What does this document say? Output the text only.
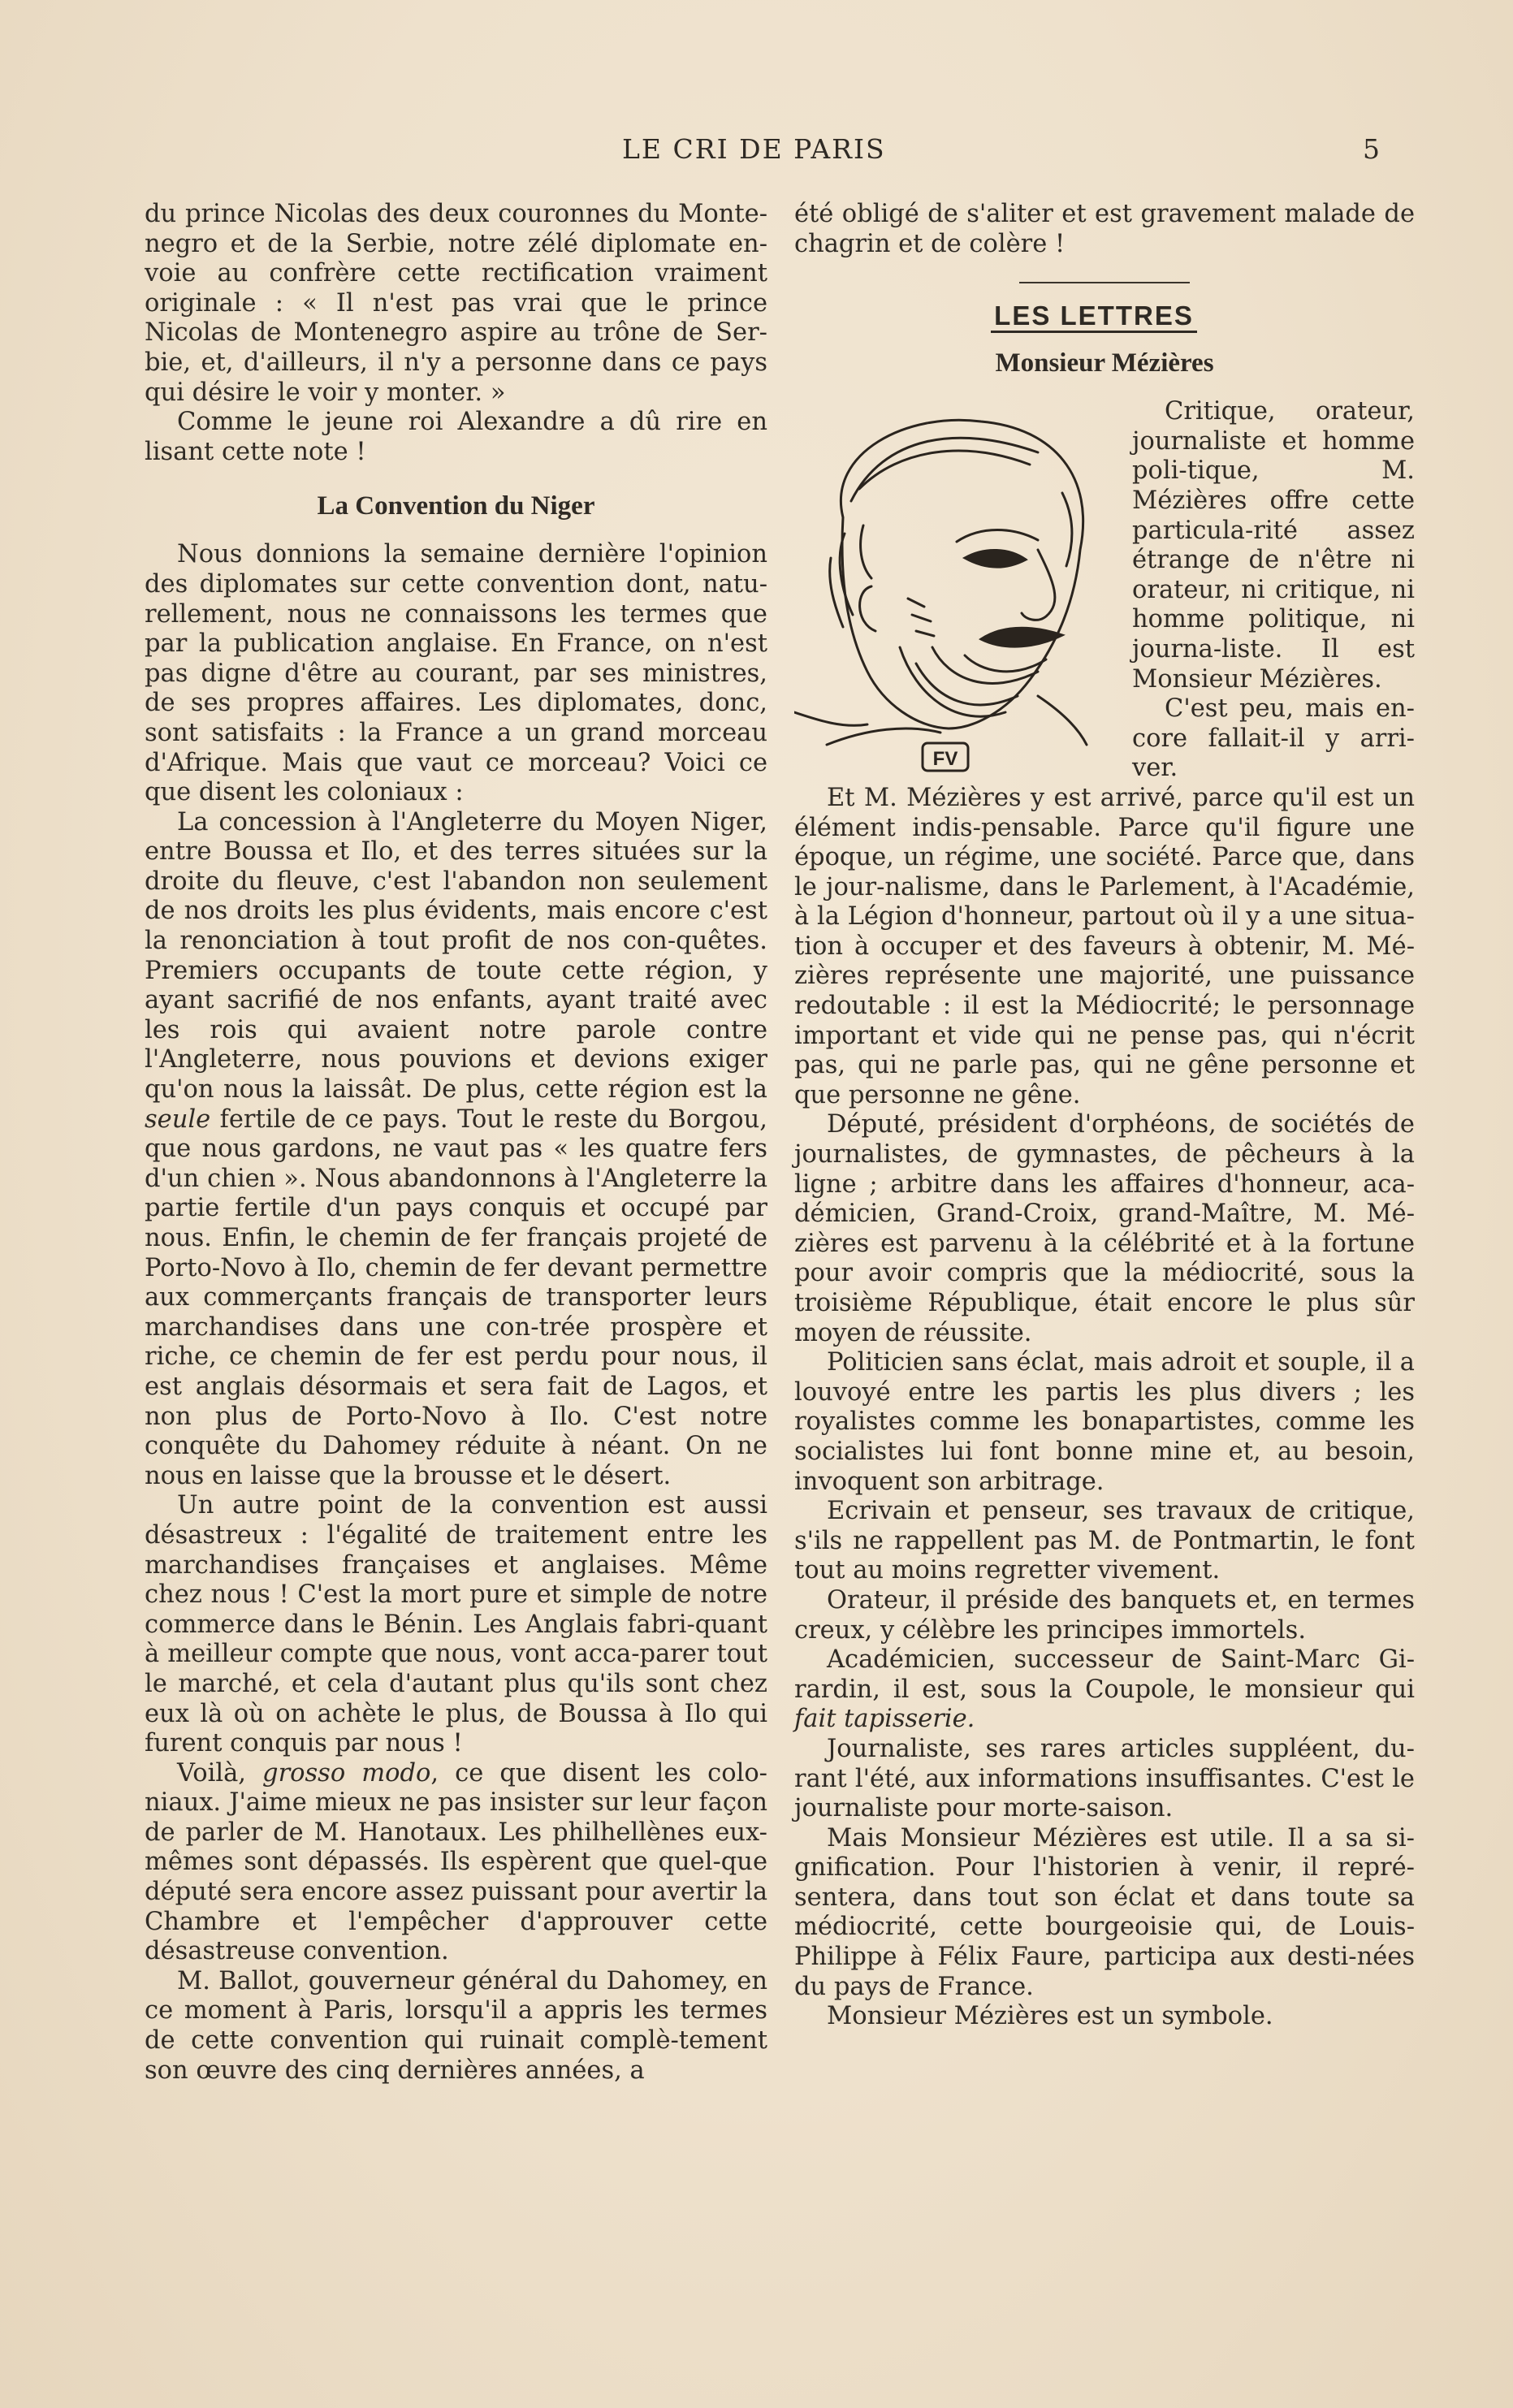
LE CRI DE PARIS	5

du prince Nicolas des deux couronnes du Monte-negro et de la Serbie, notre zélé diplomate en-voie au confrère cette rectification vraiment originale : « Il n'est pas vrai que le prince Nicolas de Montenegro aspire au trône de Ser-bie, et, d'ailleurs, il n'y a personne dans ce pays qui désire le voir y monter. »

Comme le jeune roi Alexandre a dû rire en lisant cette note !

La Convention du Niger

Nous donnions la semaine dernière l'opinion des diplomates sur cette convention dont, natu-rellement, nous ne connaissons les termes que par la publication anglaise. En France, on n'est pas digne d'être au courant, par ses ministres, de ses propres affaires. Les diplomates, donc, sont satisfaits : la France a un grand morceau d'Afrique. Mais que vaut ce morceau? Voici ce que disent les coloniaux :

La concession à l'Angleterre du Moyen Niger, entre Boussa et Ilo, et des terres situées sur la droite du fleuve, c'est l'abandon non seulement de nos droits les plus évidents, mais encore c'est la renonciation à tout profit de nos con-quêtes. Premiers occupants de toute cette région, y ayant sacrifié de nos enfants, ayant traité avec les rois qui avaient notre parole contre l'Angleterre, nous pouvions et devions exiger qu'on nous la laissât. De plus, cette région est la seule fertile de ce pays. Tout le reste du Borgou, que nous gardons, ne vaut pas « les quatre fers d'un chien ». Nous abandonnons à l'Angleterre la partie fertile d'un pays conquis et occupé par nous. Enfin, le chemin de fer français projeté de Porto-Novo à Ilo, chemin de fer devant permettre aux commerçants français de transporter leurs marchandises dans une con-trée prospère et riche, ce chemin de fer est perdu pour nous, il est anglais désormais et sera fait de Lagos, et non plus de Porto-Novo à Ilo. C'est notre conquête du Dahomey réduite à néant. On ne nous en laisse que la brousse et le désert.

Un autre point de la convention est aussi désastreux : l'égalité de traitement entre les marchandises françaises et anglaises. Même chez nous ! C'est la mort pure et simple de notre commerce dans le Bénin. Les Anglais fabri-quant à meilleur compte que nous, vont acca-parer tout le marché, et cela d'autant plus qu'ils sont chez eux là où on achète le plus, de Boussa à Ilo qui furent conquis par nous !

Voilà, grosso modo, ce que disent les colo-niaux. J'aime mieux ne pas insister sur leur façon de parler de M. Hanotaux. Les philhellènes eux-mêmes sont dépassés. Ils espèrent que quel-que député sera encore assez puissant pour avertir la Chambre et l'empêcher d'approuver cette désastreuse convention.

M. Ballot, gouverneur général du Dahomey, en ce moment à Paris, lorsqu'il a appris les termes de cette convention qui ruinait complè-tement son œuvre des cinq dernières années, a

été obligé de s'aliter et est gravement malade de chagrin et de colère !

LES LETTRES
Monsieur Mézières
FV

Critique, orateur, journaliste et homme poli-tique, M. Mézières offre cette particula-rité assez étrange de n'être ni orateur, ni critique, ni homme politique, ni journa-liste. Il est Monsieur Mézières.

C'est peu, mais en-core fallait-il y arri-ver.

Et M. Mézières y est arrivé, parce qu'il est un élément indis-pensable. Parce qu'il figure une époque, un régime, une société. Parce que, dans le jour-nalisme, dans le Parlement, à l'Académie, à la Légion d'honneur, partout où il y a une situa-tion à occuper et des faveurs à obtenir, M. Mé-zières représente une majorité, une puissance redoutable : il est la Médiocrité; le personnage important et vide qui ne pense pas, qui n'écrit pas, qui ne parle pas, qui ne gêne personne et que personne ne gêne.

Député, président d'orphéons, de sociétés de journalistes, de gymnastes, de pêcheurs à la ligne ; arbitre dans les affaires d'honneur, aca-démicien, Grand-Croix, grand-Maître, M. Mé-zières est parvenu à la célébrité et à la fortune pour avoir compris que la médiocrité, sous la troisième République, était encore le plus sûr moyen de réussite.

Politicien sans éclat, mais adroit et souple, il a louvoyé entre les partis les plus divers ; les royalistes comme les bonapartistes, comme les socialistes lui font bonne mine et, au besoin, invoquent son arbitrage.

Ecrivain et penseur, ses travaux de critique, s'ils ne rappellent pas M. de Pontmartin, le font tout au moins regretter vivement.

Orateur, il préside des banquets et, en termes creux, y célèbre les principes immortels.

Académicien, successeur de Saint-Marc Gi-rardin, il est, sous la Coupole, le monsieur qui fait tapisserie.

Journaliste, ses rares articles suppléent, du-rant l'été, aux informations insuffisantes. C'est le journaliste pour morte-saison.

Mais Monsieur Mézières est utile. Il a sa si-gnification. Pour l'historien à venir, il repré-sentera, dans tout son éclat et dans toute sa médiocrité, cette bourgeoisie qui, de Louis-Philippe à Félix Faure, participa aux desti-nées du pays de France.

Monsieur Mézières est un symbole.
